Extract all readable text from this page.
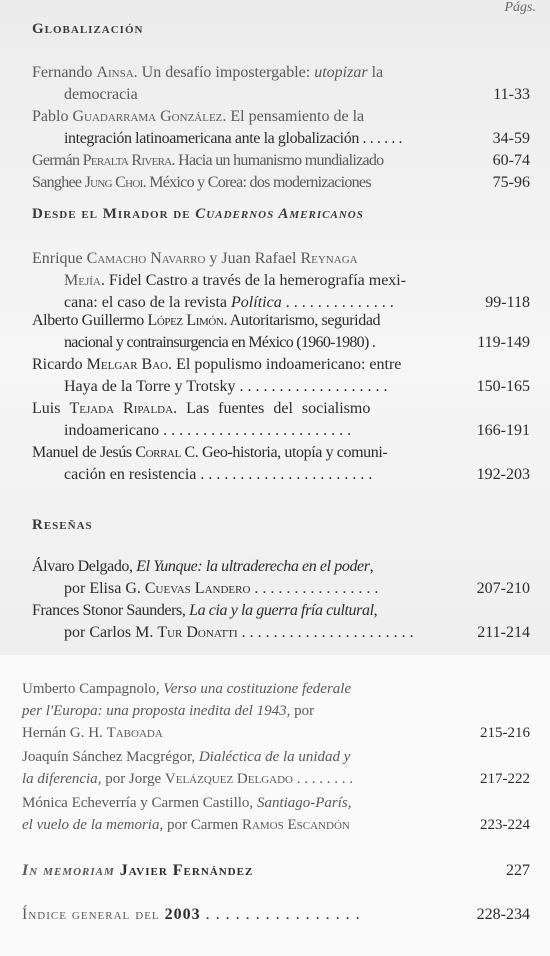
Págs.
Globalización
Fernando Ainsa. Un desafío impostergable: utopizar la
democracia	11-33
Pablo Guadarrama González. El pensamiento de la
integración latinoamericana ante la globalización . . . . . .	34-59
Germán Peralta Rivera. Hacia un humanismo mundializado	60-74
Sanghee Jung Choi. México y Corea: dos modernizaciones	75-96
Desde el Mirador de Cuadernos Americanos
Enrique Camacho Navarro y Juan Rafael Reynaga
Mejía. Fidel Castro a través de la hemerografía mexi-
cana: el caso de la revista Política . . . . . . . . . . . . . .	99-118
Alberto Guillermo López Limón. Autoritarismo, seguridad
nacional y contrainsurgencia en México (1960-1980) .	119-149
Ricardo Melgar Bao. El populismo indoamericano: entre
Haya de la Torre y Trotsky . . . . . . . . . . . . . . . . . . .	150-165
Luis Tejada Ripalda. Las fuentes del socialismo
indoamericano . . . . . . . . . . . . . . . . . . . . . . . .	166-191
Manuel de Jesús Corral C. Geo-historia, utopía y comuni-
cación en resistencia . . . . . . . . . . . . . . . . . . . . . .	192-203
Reseñas
Álvaro Delgado, El Yunque: la ultraderecha en el poder,
por Elisa G. Cuevas Landero . . . . . . . . . . . . . . . .	207-210
Frances Stonor Saunders, La cia y la guerra fría cultural,
por Carlos M. Tur Donatti . . . . . . . . . . . . . . . . . . . . . .	211-214
Umberto Campagnolo, Verso una costituzione federale
per l'Europa: una proposta inedita del 1943, por
Hernán G. H. Taboada	215-216
Joaquín Sánchez Macgrégor, Dialéctica de la unidad y
la diferencia, por Jorge Velázquez Delgado . . . . . . . .	217-222
Mónica Echeverría y Carmen Castillo, Santiago-París,
el vuelo de la memoria, por Carmen Ramos Escandón	223-224
In memoriam Javier Fernández	227
Índice general del 2003 . . . . . . . . . . . . . . . .	228-234
